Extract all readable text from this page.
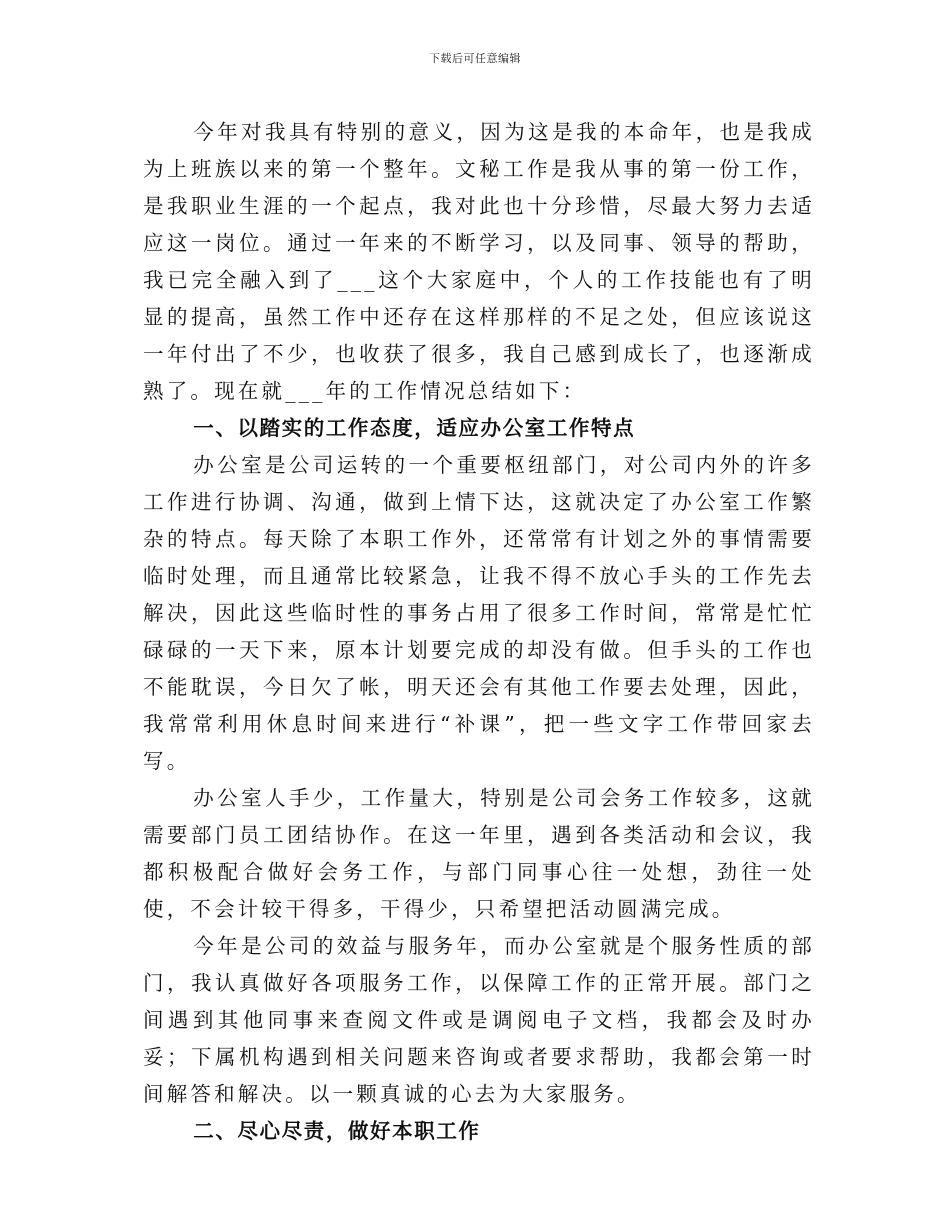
下载后可任意编辑

今年对我具有特别的意义，因为这是我的本命年，也是我成为上班族以来的第一个整年。文秘工作是我从事的第一份工作，是我职业生涯的一个起点，我对此也十分珍惜，尽最大努力去适应这一岗位。通过一年来的不断学习，以及同事、领导的帮助，我已完全融入到了___这个大家庭中，个人的工作技能也有了明显的提高，虽然工作中还存在这样那样的不足之处，但应该说这一年付出了不少，也收获了很多，我自己感到成长了，也逐渐成熟了。现在就___年的工作情况总结如下：

一、以踏实的工作态度，适应办公室工作特点

办公室是公司运转的一个重要枢纽部门，对公司内外的许多工作进行协调、沟通，做到上情下达，这就决定了办公室工作繁杂的特点。每天除了本职工作外，还常常有计划之外的事情需要临时处理，而且通常比较紧急，让我不得不放心手头的工作先去解决，因此这些临时性的事务占用了很多工作时间，常常是忙忙碌碌的一天下来，原本计划要完成的却没有做。但手头的工作也不能耽误，今日欠了帐，明天还会有其他工作要去处理，因此，我常常利用休息时间来进行“补课”，把一些文字工作带回家去写。

办公室人手少，工作量大，特别是公司会务工作较多，这就需要部门员工团结协作。在这一年里，遇到各类活动和会议，我都积极配合做好会务工作，与部门同事心往一处想，劲往一处使，不会计较干得多，干得少，只希望把活动圆满完成。

今年是公司的效益与服务年，而办公室就是个服务性质的部门，我认真做好各项服务工作，以保障工作的正常开展。部门之间遇到其他同事来查阅文件或是调阅电子文档，我都会及时办妥；下属机构遇到相关问题来咨询或者要求帮助，我都会第一时间解答和解决。以一颗真诚的心去为大家服务。

二、尽心尽责，做好本职工作
